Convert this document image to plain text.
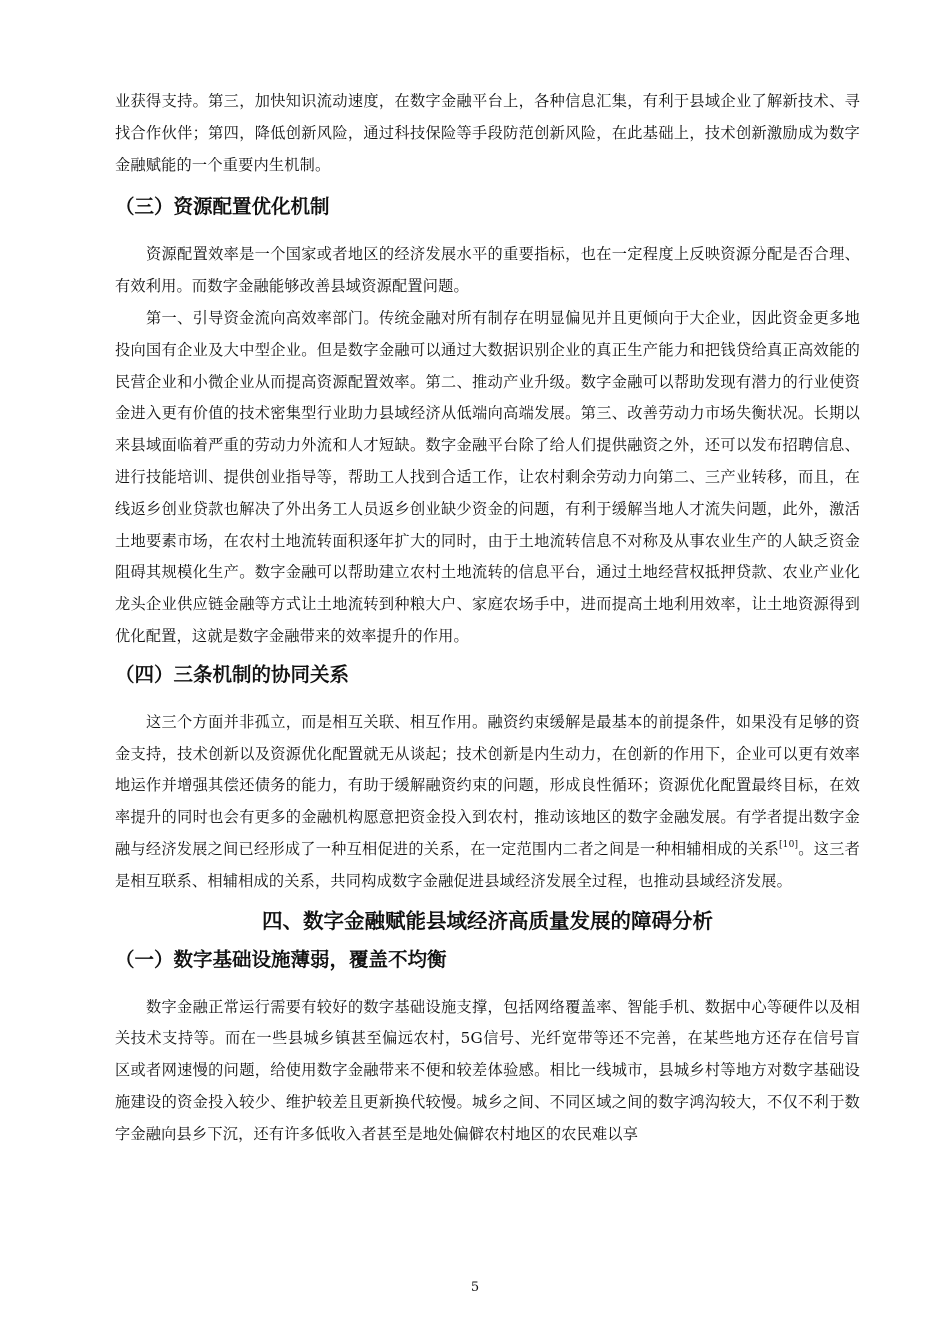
业获得支持。第三，加快知识流动速度，在数字金融平台上，各种信息汇集，有利于县域企业了解新技术、寻找合作伙伴；第四，降低创新风险，通过科技保险等手段防范创新风险，在此基础上，技术创新激励成为数字金融赋能的一个重要内生机制。

（三）资源配置优化机制

资源配置效率是一个国家或者地区的经济发展水平的重要指标，也在一定程度上反映资源分配是否合理、有效利用。而数字金融能够改善县域资源配置问题。

第一、引导资金流向高效率部门。传统金融对所有制存在明显偏见并且更倾向于大企业，因此资金更多地投向国有企业及大中型企业。但是数字金融可以通过大数据识别企业的真正生产能力和把钱贷给真正高效能的民营企业和小微企业从而提高资源配置效率。第二、推动产业升级。数字金融可以帮助发现有潜力的行业使资金进入更有价值的技术密集型行业助力县域经济从低端向高端发展。第三、改善劳动力市场失衡状况。长期以来县域面临着严重的劳动力外流和人才短缺。数字金融平台除了给人们提供融资之外，还可以发布招聘信息、进行技能培训、提供创业指导等，帮助工人找到合适工作，让农村剩余劳动力向第二、三产业转移，而且，在线返乡创业贷款也解决了外出务工人员返乡创业缺少资金的问题，有利于缓解当地人才流失问题，此外，激活土地要素市场，在农村土地流转面积逐年扩大的同时，由于土地流转信息不对称及从事农业生产的人缺乏资金阻碍其规模化生产。数字金融可以帮助建立农村土地流转的信息平台，通过土地经营权抵押贷款、农业产业化龙头企业供应链金融等方式让土地流转到种粮大户、家庭农场手中，进而提高土地利用效率，让土地资源得到优化配置，这就是数字金融带来的效率提升的作用。

（四）三条机制的协同关系

这三个方面并非孤立，而是相互关联、相互作用。融资约束缓解是最基本的前提条件，如果没有足够的资金支持，技术创新以及资源优化配置就无从谈起；技术创新是内生动力，在创新的作用下，企业可以更有效率地运作并增强其偿还债务的能力，有助于缓解融资约束的问题，形成良性循环；资源优化配置最终目标，在效率提升的同时也会有更多的金融机构愿意把资金投入到农村，推动该地区的数字金融发展。有学者提出数字金融与经济发展之间已经形成了一种互相促进的关系，在一定范围内二者之间是一种相辅相成的关系[10]。这三者是相互联系、相辅相成的关系，共同构成数字金融促进县域经济发展全过程，也推动县域经济发展。

四、数字金融赋能县域经济高质量发展的障碍分析
（一）数字基础设施薄弱，覆盖不均衡

数字金融正常运行需要有较好的数字基础设施支撑，包括网络覆盖率、智能手机、数据中心等硬件以及相关技术支持等。而在一些县城乡镇甚至偏远农村，5G信号、光纤宽带等还不完善，在某些地方还存在信号盲区或者网速慢的问题，给使用数字金融带来不便和较差体验感。相比一线城市，县城乡村等地方对数字基础设施建设的资金投入较少、维护较差且更新换代较慢。城乡之间、不同区域之间的数字鸿沟较大，不仅不利于数字金融向县乡下沉，还有许多低收入者甚至是地处偏僻农村地区的农民难以享

5
